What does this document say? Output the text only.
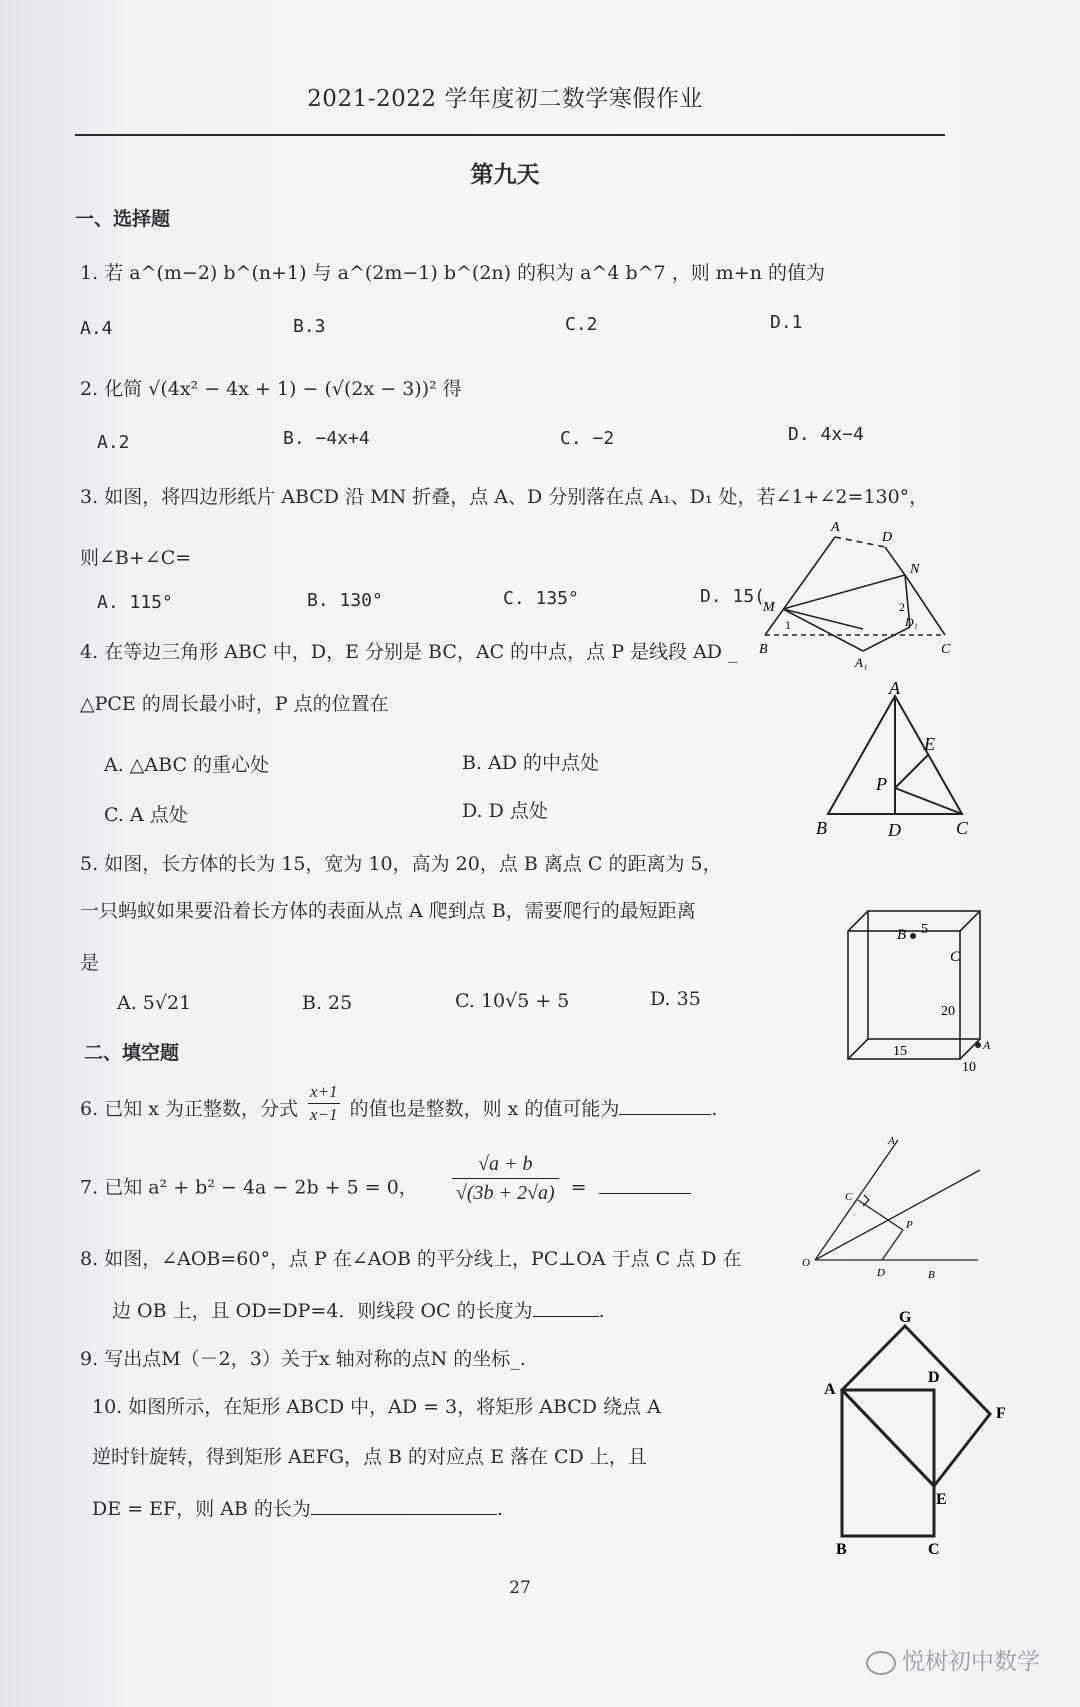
2021-2022 学年度初二数学寒假作业
第九天
一、选择题
1. 若 a^(m−2) b^(n+1) 与 a^(2m−1) b^(2n) 的积为 a^4 b^7 ，则 m+n 的值为
A.4	B.3	C.2	D.1
2. 化简 √(4x² − 4x + 1) − (√(2x − 3))² 得
A.2	B. −4x+4	C. −2	D. 4x−4
3. 如图，将四边形纸片 ABCD 沿 MN 折叠，点 A、D 分别落在点 A₁、D₁ 处，若∠1+∠2=130°，
则∠B+∠C=
A. 115°	B. 130°	C. 135°	D. 15(
A
D
N
M
1
2
D₁
B
A₁
C
4. 在等边三角形 ABC 中，D，E 分别是 BC，AC 的中点，点 P 是线段 AD _
△PCE 的周长最小时，P 点的位置在
A. △ABC 的重心处	B. AD 的中点处
C. A 点处	D. D 点处
A
E
P
B	D	C
5. 如图，长方体的长为 15，宽为 10，高为 20，点 B 离点 C 的距离为 5，
一只蚂蚁如果要沿着长方体的表面从点 A 爬到点 B，需要爬行的最短距离
是
A. 5√21	B. 25	C. 10√5 + 5	D. 35
B 5
C
20
A
15
10
二、填空题
6. 已知 x 为正整数，分式 $\frac{x+1}{x-1}$ 的值也是整数，则 x 的值可能为	.
7. 已知 a² + b² − 4a − 2b + 5 = 0， $\frac{√a + b}{√(3b + 2√a)}$ =
8. 如图，∠AOB=60°，点 P 在∠AOB 的平分线上，PC⊥OA 于点 C 点 D 在
边 OB 上，且 OD=DP=4．则线段 OC 的长度为	.
A
C
P
O
D	B
9. 写出点M（－2，3）关于x 轴对称的点N 的坐标_.
10. 如图所示，在矩形 ABCD 中，AD = 3，将矩形 ABCD 绕点 A
逆时针旋转，得到矩形 AEFG，点 B 的对应点 E 落在 CD 上，且
DE = EF，则 AB 的长为	.
G
A
D
F
E
B	C
27
悦树初中数学
